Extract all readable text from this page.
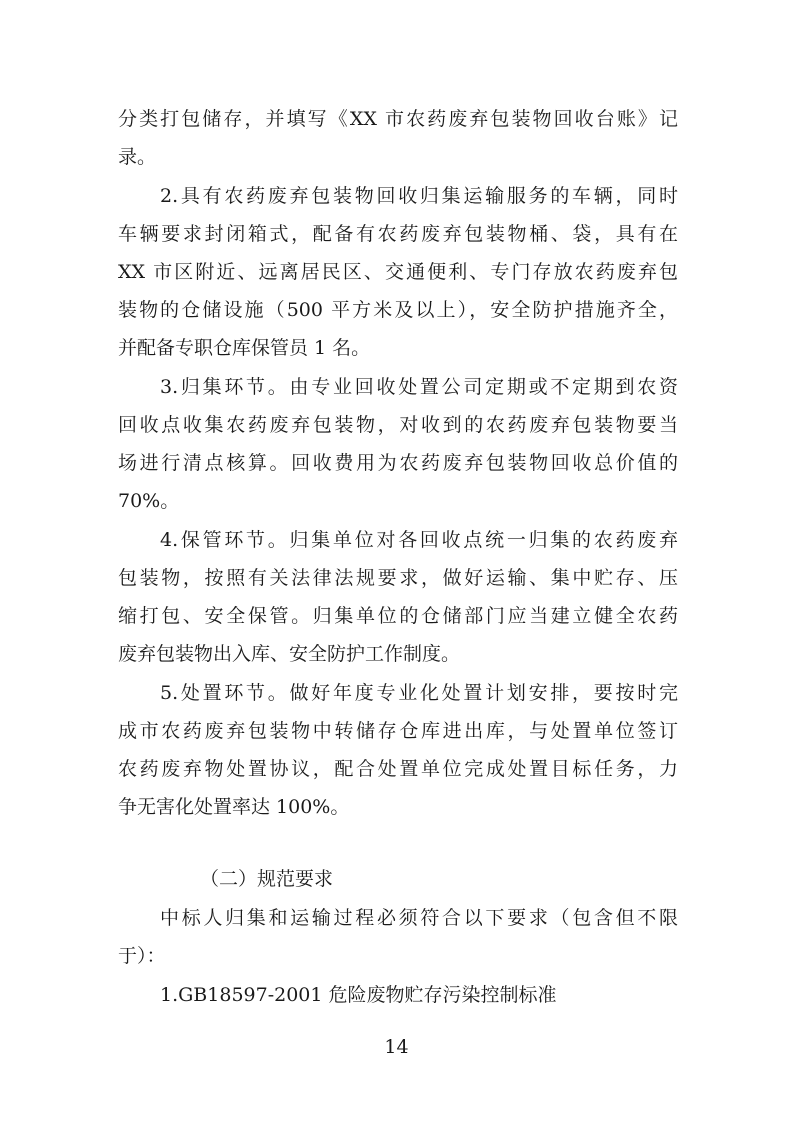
分类打包储存，并填写《XX 市农药废弃包装物回收台账》记
录。
2.具有农药废弃包装物回收归集运输服务的车辆，同时
车辆要求封闭箱式，配备有农药废弃包装物桶、袋，具有在
XX 市区附近、远离居民区、交通便利、专门存放农药废弃包
装物的仓储设施（500 平方米及以上），安全防护措施齐全，
并配备专职仓库保管员 1 名。
3.归集环节。由专业回收处置公司定期或不定期到农资
回收点收集农药废弃包装物，对收到的农药废弃包装物要当
场进行清点核算。回收费用为农药废弃包装物回收总价值的
70%。
4.保管环节。归集单位对各回收点统一归集的农药废弃
包装物，按照有关法律法规要求，做好运输、集中贮存、压
缩打包、安全保管。归集单位的仓储部门应当建立健全农药
废弃包装物出入库、安全防护工作制度。
5.处置环节。做好年度专业化处置计划安排，要按时完
成市农药废弃包装物中转储存仓库进出库，与处置单位签订
农药废弃物处置协议，配合处置单位完成处置目标任务，力
争无害化处置率达 100%。
（二）规范要求
中标人归集和运输过程必须符合以下要求（包含但不限
于）：
1.GB18597-2001 危险废物贮存污染控制标准
14
